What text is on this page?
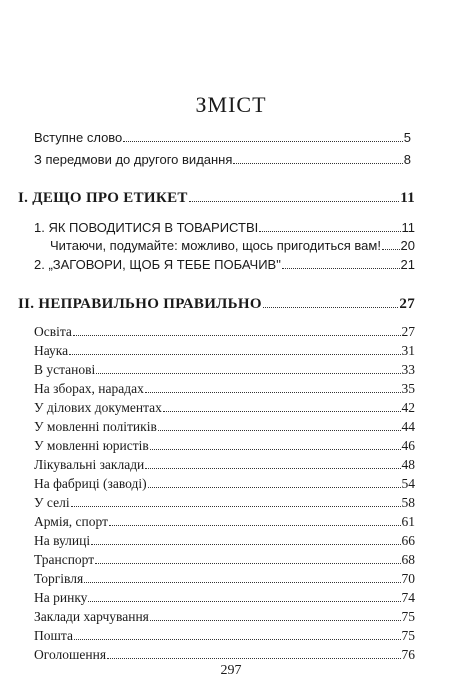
ЗМІСТ
Вступне слово	5
З передмови до другого видання	8
I. ДЕЩО ПРО ЕТИКЕТ	11
1. ЯК ПОВОДИТИСЯ В ТОВАРИСТВІ	11
Читаючи, подумайте: можливо, щось пригодиться вам! 20
2. „ЗАГОВОРИ, ЩОБ Я ТЕБЕ ПОБАЧИВ"	21
II. НЕПРАВИЛЬНО ПРАВИЛЬНО	27
Освіта	27
Наука	31
В установі	33
На зборах, нарадах	35
У ділових документах	42
У мовленні політиків	44
У мовленні юристів	46
Лікувальні заклади	48
На фабриці (заводі)	54
У селі	58
Армія, спорт	61
На вулиці	66
Транспорт	68
Торгівля	70
На ринку	74
Заклади харчування	75
Пошта	75
Оголошення	76
297
